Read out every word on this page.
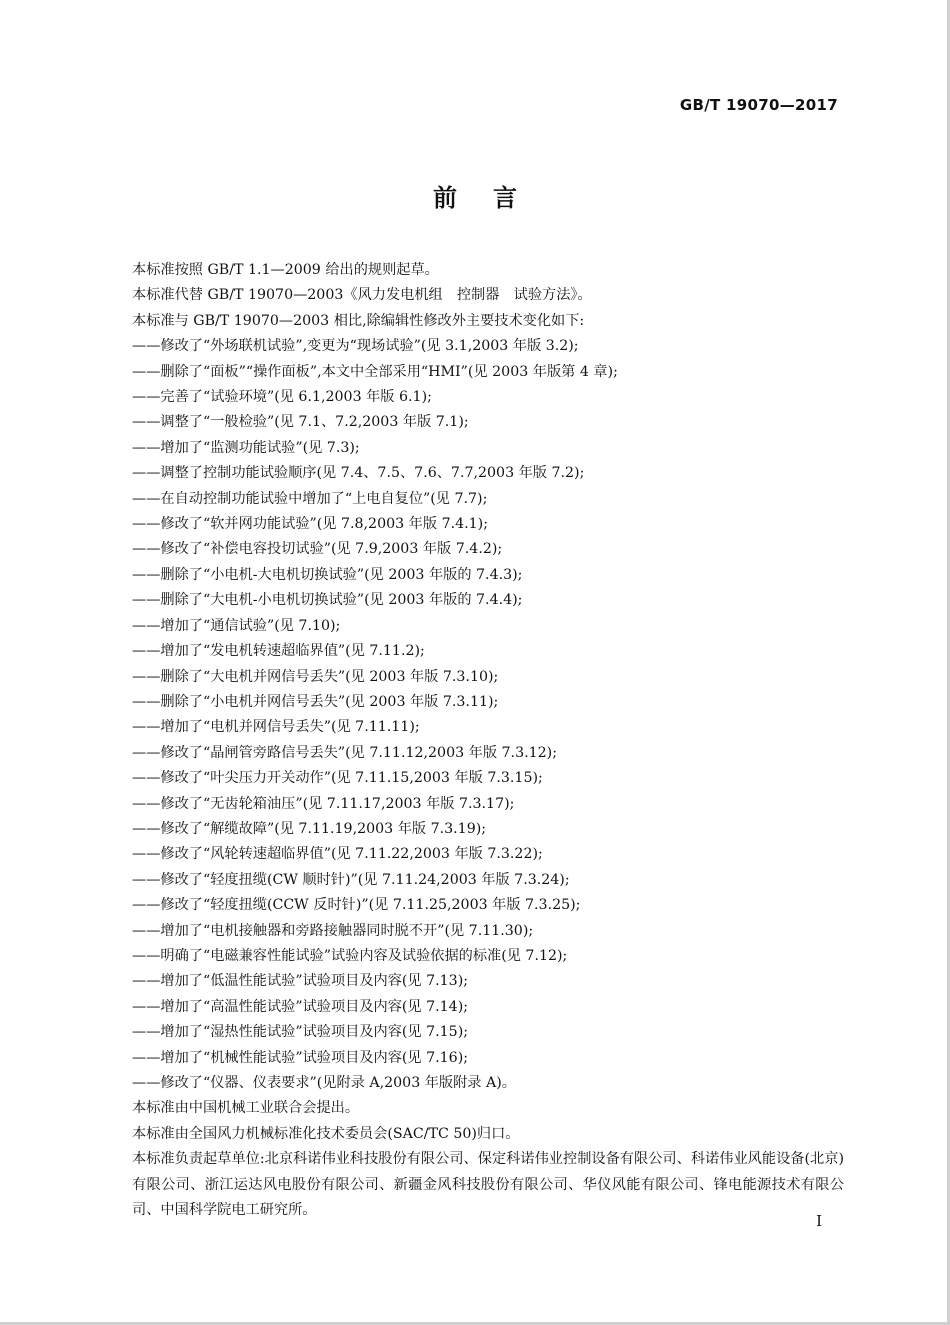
GB/T 19070—2017
前言

本标准按照 GB/T 1.1—2009 给出的规则起草。

本标准代替 GB/T 19070—2003《风力发电机组　控制器　试验方法》。

本标准与 GB/T 19070—2003 相比,除编辑性修改外主要技术变化如下:

——修改了“外场联机试验”,变更为“现场试验”(见 3.1,2003 年版 3.2);

——删除了“面板”“操作面板”,本文中全部采用“HMI”(见 2003 年版第 4 章);

——完善了“试验环境”(见 6.1,2003 年版 6.1);

——调整了“一般检验”(见 7.1、7.2,2003 年版 7.1);

——增加了“监测功能试验”(见 7.3);

——调整了控制功能试验顺序(见 7.4、7.5、7.6、7.7,2003 年版 7.2);

——在自动控制功能试验中增加了“上电自复位”(见 7.7);

——修改了“软并网功能试验”(见 7.8,2003 年版 7.4.1);

——修改了“补偿电容投切试验”(见 7.9,2003 年版 7.4.2);

——删除了“小电机-大电机切换试验”(见 2003 年版的 7.4.3);

——删除了“大电机-小电机切换试验”(见 2003 年版的 7.4.4);

——增加了“通信试验”(见 7.10);

——增加了“发电机转速超临界值”(见 7.11.2);

——删除了“大电机并网信号丢失”(见 2003 年版 7.3.10);

——删除了“小电机并网信号丢失”(见 2003 年版 7.3.11);

——增加了“电机并网信号丢失”(见 7.11.11);

——修改了“晶闸管旁路信号丢失”(见 7.11.12,2003 年版 7.3.12);

——修改了“叶尖压力开关动作”(见 7.11.15,2003 年版 7.3.15);

——修改了“无齿轮箱油压”(见 7.11.17,2003 年版 7.3.17);

——修改了“解缆故障”(见 7.11.19,2003 年版 7.3.19);

——修改了“风轮转速超临界值”(见 7.11.22,2003 年版 7.3.22);

——修改了“轻度扭缆(CW 顺时针)”(见 7.11.24,2003 年版 7.3.24);

——修改了“轻度扭缆(CCW 反时针)”(见 7.11.25,2003 年版 7.3.25);

——增加了“电机接触器和旁路接触器同时脱不开”(见 7.11.30);

——明确了“电磁兼容性能试验”试验内容及试验依据的标准(见 7.12);

——增加了“低温性能试验”试验项目及内容(见 7.13);

——增加了“高温性能试验”试验项目及内容(见 7.14);

——增加了“湿热性能试验”试验项目及内容(见 7.15);

——增加了“机械性能试验”试验项目及内容(见 7.16);

——修改了“仪器、仪表要求”(见附录 A,2003 年版附录 A)。

本标准由中国机械工业联合会提出。

本标准由全国风力机械标准化技术委员会(SAC/TC 50)归口。

本标准负责起草单位:北京科诺伟业科技股份有限公司、保定科诺伟业控制设备有限公司、科诺伟业风能设备(北京)有限公司、浙江运达风电股份有限公司、新疆金风科技股份有限公司、华仪风能有限公司、锋电能源技术有限公司、中国科学院电工研究所。

I
